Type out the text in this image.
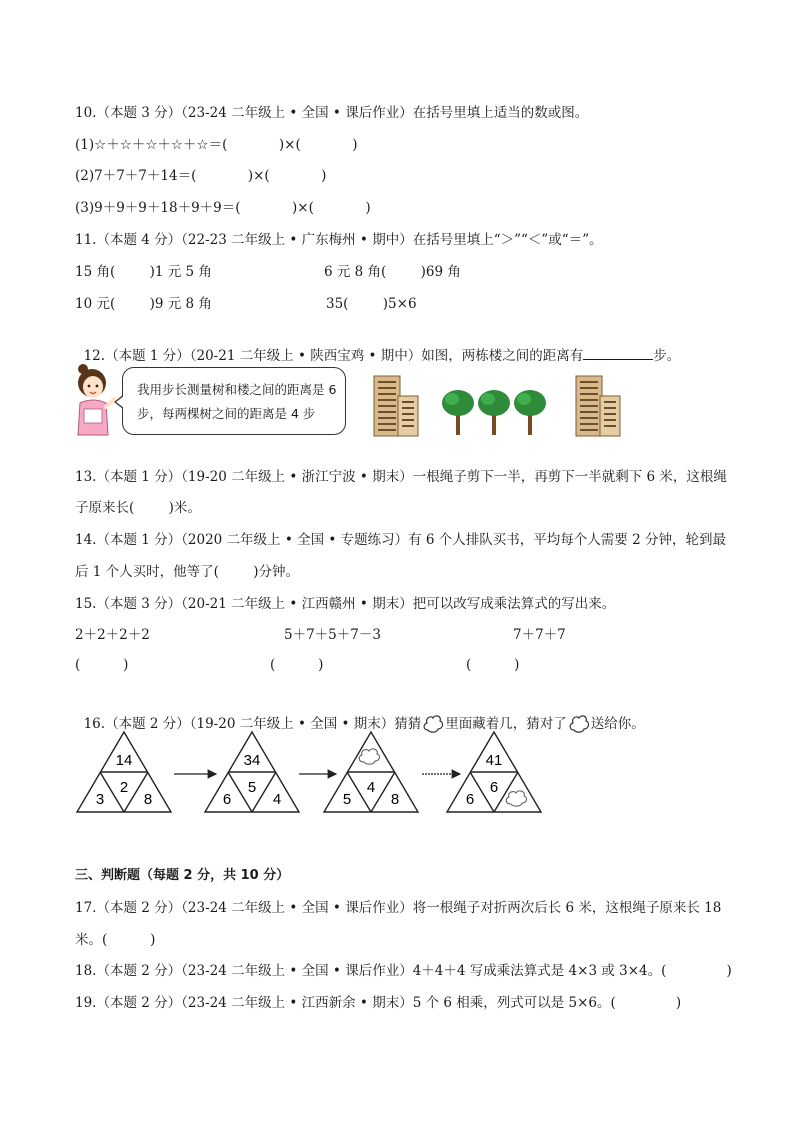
10.（本题 3 分）（23-24 二年级上 • 全国 • 课后作业）在括号里填上适当的数或图。
(1)☆＋☆＋☆＋☆＋☆＝(            )×(            )
(2)7＋7＋7＋14＝(            )×(            )
(3)9＋9＋9＋18＋9＋9＝(            )×(            )
11.（本题 4 分）（22-23 二年级上 • 广东梅州 • 期中）在括号里填上“＞”“＜”或“＝”。
15 角(        )1 元 5 角	6 元 8 角(        )69 角
10 元(        )9 元 8 角	35(        )5×6

12.（本题 1 分）（20-21 二年级上 • 陕西宝鸡 • 期中）如图，两栋楼之间的距离有	步。

我用步长测量树和楼之间的距离是 6
步，每两棵树之间的距离是 4 步
13.（本题 1 分）（19-20 二年级上 • 浙江宁波 • 期末）一根绳子剪下一半，再剪下一半就剩下 6 米，这根绳
子原来长(        )米。
14.（本题 1 分）（2020 二年级上 • 全国 • 专题练习）有 6 个人排队买书，平均每个人需要 2 分钟，轮到最
后 1 个人买时，他等了(        )分钟。
15.（本题 3 分）（20-21 二年级上 • 江西赣州 • 期末）把可以改写成乘法算式的写出来。
2＋2＋2＋2	5＋7＋5＋7－3	7＋7＋7
(          )	(          )	(          )

16.（本题 2 分）（19-20 二年级上 • 全国 • 期末）猜猜 里面藏着几，猜对了 送给你。

14
3
2
8
34
6
5
4	5
4
8
41
6
6
三、判断题（每题 2 分，共 10 分）
17.（本题 2 分）（23-24 二年级上 • 全国 • 课后作业）将一根绳子对折两次后长 6 米，这根绳子原来长 18
米。(          )
18.（本题 2 分）（23-24 二年级上 • 全国 • 课后作业）4＋4＋4 写成乘法算式是 4×3 或 3×4。(              )
19.（本题 2 分）（23-24 二年级上 • 江西新余 • 期末）5 个 6 相乘，列式可以是 5×6。(              )
